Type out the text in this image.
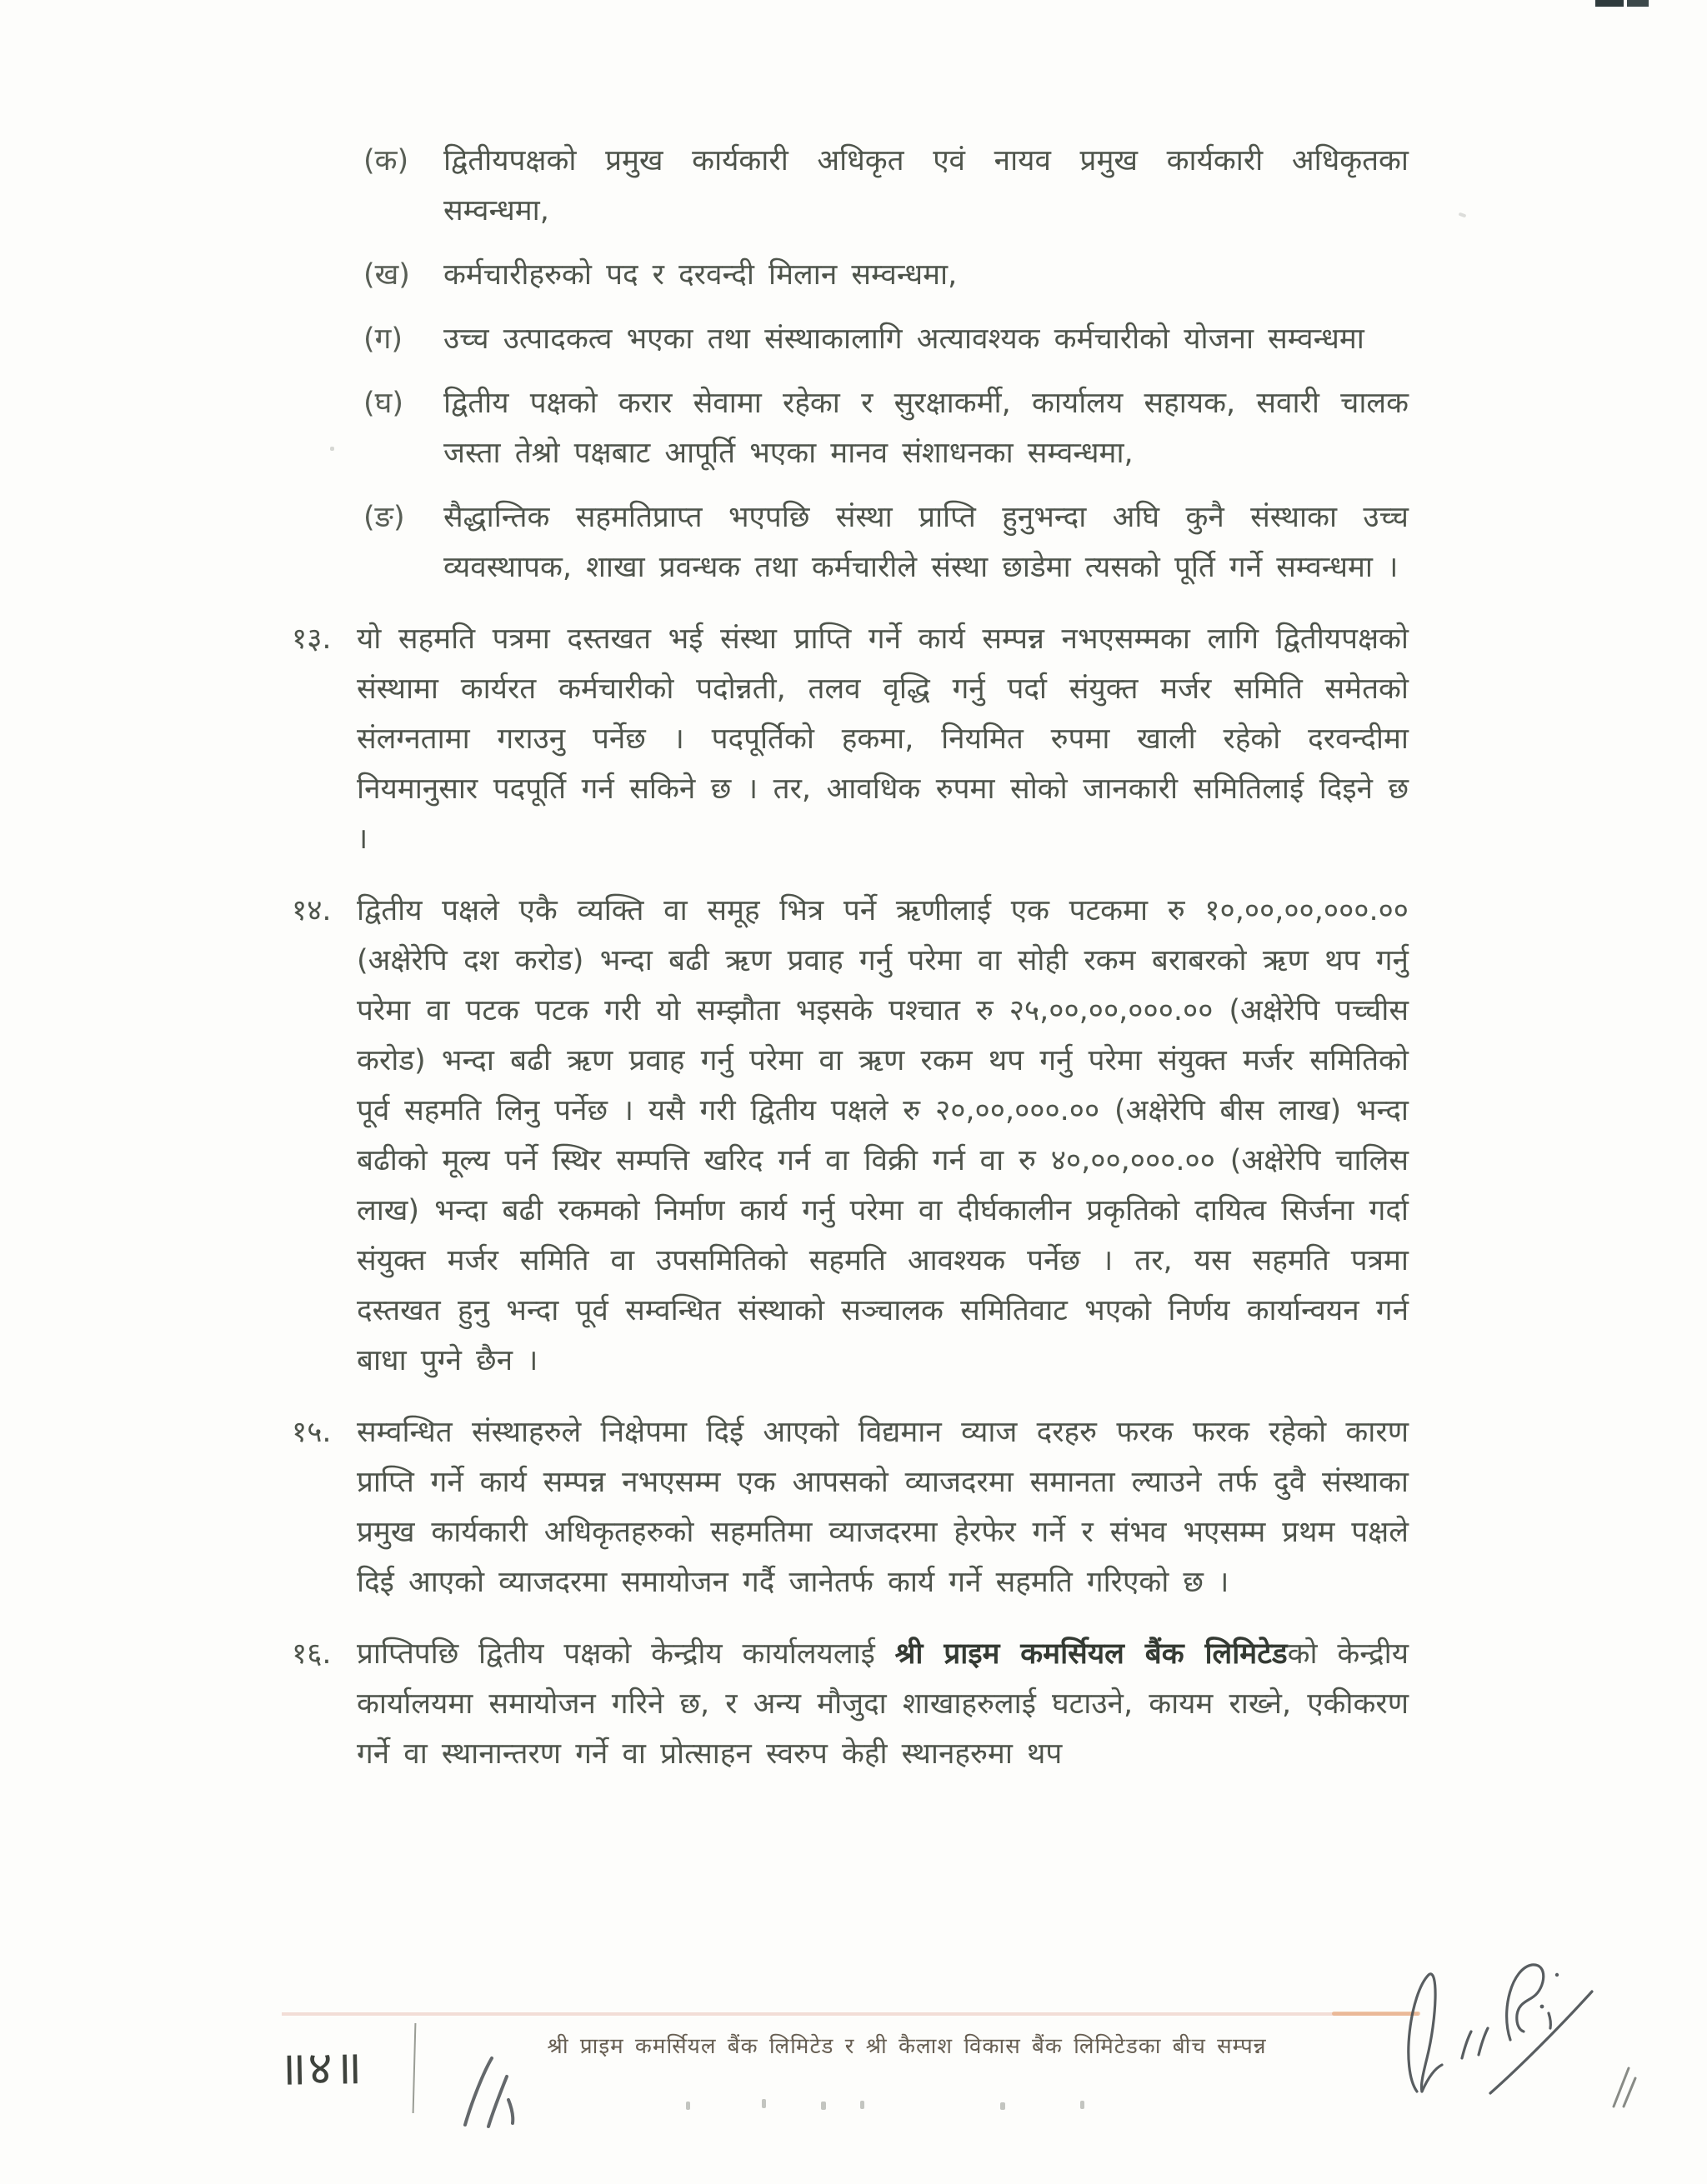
(क)	द्वितीयपक्षको प्रमुख कार्यकारी अधिकृत एवं नायव प्रमुख कार्यकारी अधिकृतका सम्वन्धमा,
(ख)	कर्मचारीहरुको पद र दरवन्दी मिलान सम्वन्धमा,
(ग)	उच्च उत्पादकत्व भएका तथा संस्थाकालागि अत्यावश्यक कर्मचारीको योजना सम्वन्धमा
(घ)	द्वितीय पक्षको करार सेवामा रहेका र सुरक्षाकर्मी, कार्यालय सहायक, सवारी चालक जस्ता तेश्रो पक्षबाट आपूर्ति भएका मानव संशाधनका सम्वन्धमा,
(ङ)	सैद्धान्तिक सहमतिप्राप्त भएपछि संस्था प्राप्ति हुनुभन्दा अघि कुनै संस्थाका उच्च व्यवस्थापक, शाखा प्रवन्धक तथा कर्मचारीले संस्था छाडेमा त्यसको पूर्ति गर्ने सम्वन्धमा ।
१३. यो सहमति पत्रमा दस्तखत भई संस्था प्राप्ति गर्ने कार्य सम्पन्न नभएसम्मका लागि द्वितीयपक्षको संस्थामा कार्यरत कर्मचारीको पदोन्नती, तलव वृद्धि गर्नु पर्दा संयुक्त मर्जर समिति समेतको संलग्नतामा गराउनु पर्नेछ । पदपूर्तिको हकमा, नियमित रुपमा खाली रहेको दरवन्दीमा नियमानुसार पदपूर्ति गर्न सकिने छ । तर, आवधिक रुपमा सोको जानकारी समितिलाई दिइने छ ।
१४. द्वितीय पक्षले एकै व्यक्ति वा समूह भित्र पर्ने ऋणीलाई एक पटकमा रु १०,००,००,०००.०० (अक्षेरेपि दश करोड) भन्दा बढी ऋण प्रवाह गर्नु परेमा वा सोही रकम बराबरको ऋण थप गर्नु परेमा वा पटक पटक गरी यो सम्झौता भइसके पश्चात रु २५,००,००,०००.०० (अक्षेरेपि पच्चीस करोड) भन्दा बढी ऋण प्रवाह गर्नु परेमा वा ऋण रकम थप गर्नु परेमा संयुक्त मर्जर समितिको पूर्व सहमति लिनु पर्नेछ । यसै गरी द्वितीय पक्षले रु २०,००,०००.०० (अक्षेरेपि बीस लाख) भन्दा बढीको मूल्य पर्ने स्थिर सम्पत्ति खरिद गर्न वा विक्री गर्न वा रु ४०,००,०००.०० (अक्षेरेपि चालिस लाख) भन्दा बढी रकमको निर्माण कार्य गर्नु परेमा वा दीर्घकालीन प्रकृतिको दायित्व सिर्जना गर्दा संयुक्त मर्जर समिति वा उपसमितिको सहमति आवश्यक पर्नेछ । तर, यस सहमति पत्रमा दस्तखत हुनु भन्दा पूर्व सम्वन्धित संस्थाको सञ्चालक समितिवाट भएको निर्णय कार्यान्वयन गर्न बाधा पुग्ने छैन ।
१५. सम्वन्धित संस्थाहरुले निक्षेपमा दिई आएको विद्यमान व्याज दरहरु फरक फरक रहेको कारण प्राप्ति गर्ने कार्य सम्पन्न नभएसम्म एक आपसको व्याजदरमा समानता ल्याउने तर्फ दुवै संस्थाका प्रमुख कार्यकारी अधिकृतहरुको सहमतिमा व्याजदरमा हेरफेर गर्ने र संभव भएसम्म प्रथम पक्षले दिई आएको व्याजदरमा समायोजन गर्दै जानेतर्फ कार्य गर्ने सहमति गरिएको छ ।
१६. प्राप्तिपछि द्वितीय पक्षको केन्द्रीय कार्यालयलाई श्री प्राइम कमर्सियल बैंक लिमिटेडको केन्द्रीय कार्यालयमा समायोजन गरिने छ, र अन्य मौजुदा शाखाहरुलाई घटाउने, कायम राख्ने, एकीकरण गर्ने वा स्थानान्तरण गर्ने वा प्रोत्साहन स्वरुप केही स्थानहरुमा थप
॥४॥	श्री प्राइम कमर्सियल बैंक लिमिटेड र श्री कैलाश विकास बैंक लिमिटेडका बीच सम्पन्न
